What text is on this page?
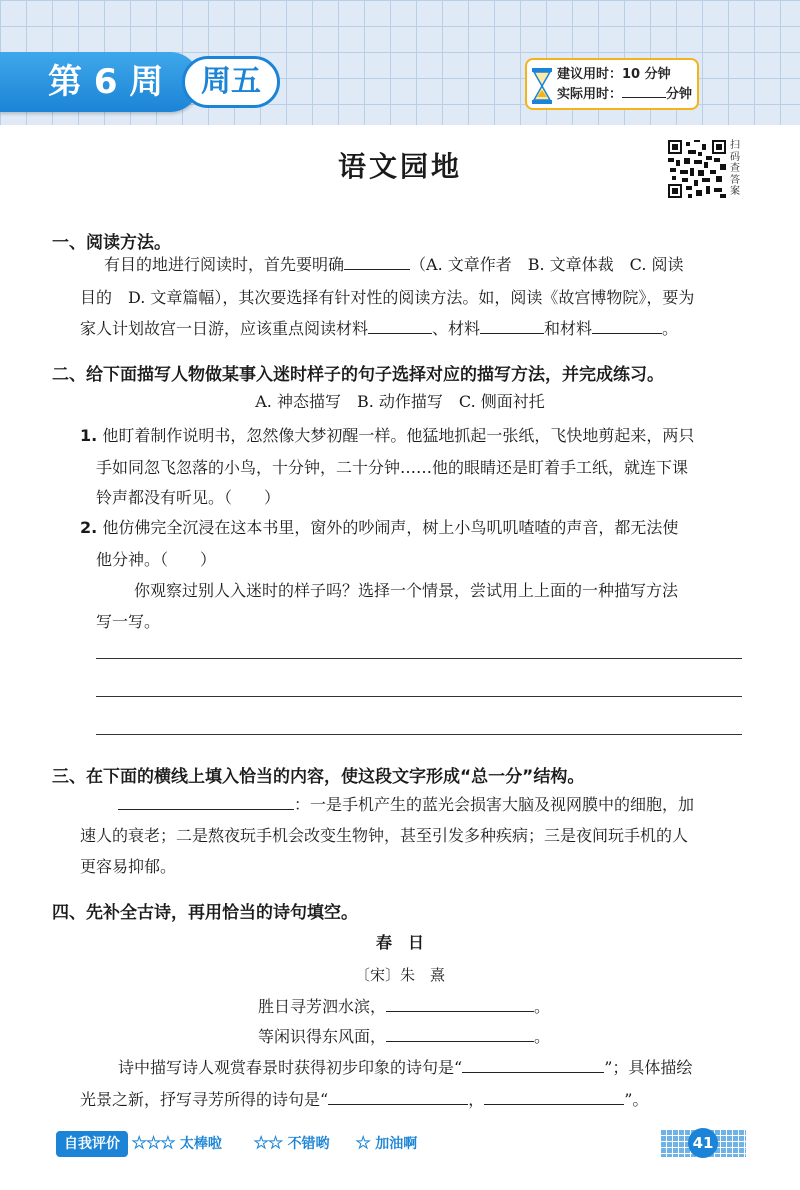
第 6 周	周五	建议用时：10 分钟
实际用时：	分钟
语文园地
扫码查答案
一、阅读方法。
有目的地进行阅读时，首先要明确	（A. 文章作者　B. 文章体裁　C. 阅读
目的　D. 文章篇幅），其次要选择有针对性的阅读方法。如，阅读《故宫博物院》，要为
家人计划故宫一日游，应该重点阅读材料	、材料	和材料	。
二、给下面描写人物做某事入迷时样子的句子选择对应的描写方法，并完成练习。
A. 神态描写　B. 动作描写　C. 侧面衬托
1. 他盯着制作说明书，忽然像大梦初醒一样。他猛地抓起一张纸，飞快地剪起来，两只
手如同忽飞忽落的小鸟，十分钟，二十分钟……他的眼睛还是盯着手工纸，就连下课
铃声都没有听见。（　　）
2. 他仿佛完全沉浸在这本书里，窗外的吵闹声，树上小鸟叽叽喳喳的声音，都无法使
他分神。（　　）
你观察过别人入迷时的样子吗？选择一个情景，尝试用上上面的一种描写方法
写一写。
三、在下面的横线上填入恰当的内容，使这段文字形成“总一分”结构。
：一是手机产生的蓝光会损害大脑及视网膜中的细胞，加
速人的衰老；二是熬夜玩手机会改变生物钟，甚至引发多种疾病；三是夜间玩手机的人
更容易抑郁。
四、先补全古诗，再用恰当的诗句填空。
春　日
〔宋〕朱　熹
胜日寻芳泗水滨，	。
等闲识得东风面，	。
诗中描写诗人观赏春景时获得初步印象的诗句是“	”；具体描绘
光景之新，抒写寻芳所得的诗句是“	，	”。
自我评价 ★★★ 太棒啦 ★★ 不错哟 ★ 加油啊	41
